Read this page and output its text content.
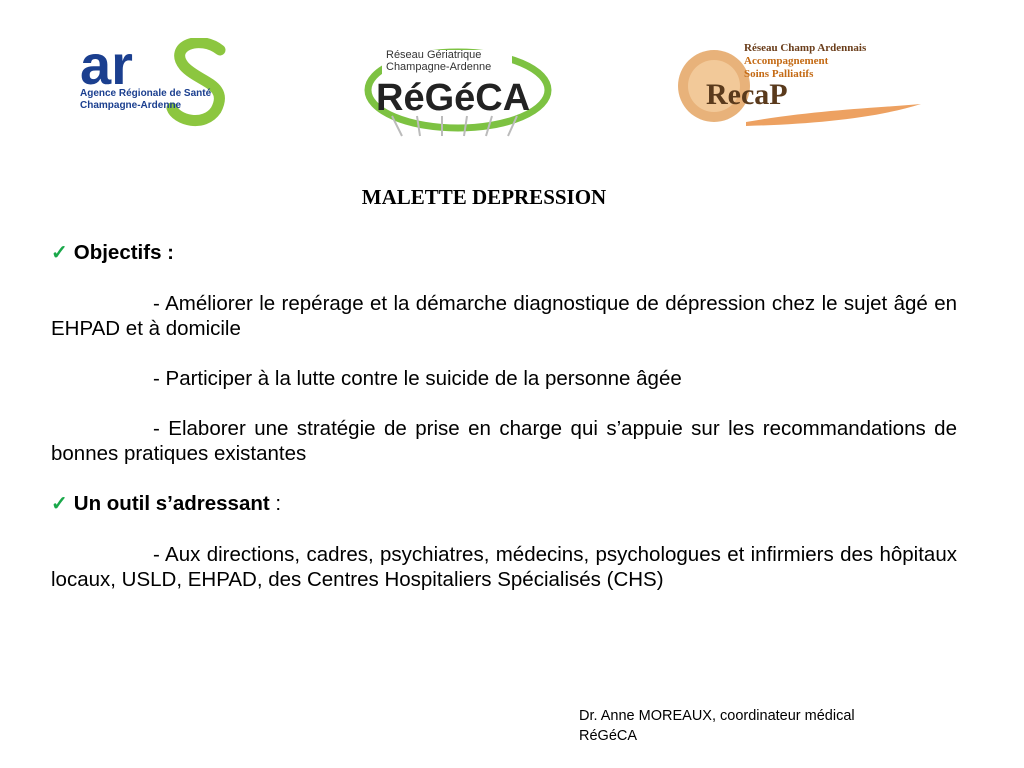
ar
Agence Régionale de Santé
Champagne-Ardenne
Réseau Gériatrique
Champagne-Ardenne
RéGéCA
Réseau Champ Ardennais
Accompagnement
Soins Palliatifs
RecaP
MALETTE DEPRESSION

✓ Objectifs :

- Améliorer le repérage et la démarche diagnostique de dépression chez le sujet âgé en EHPAD et à domicile

- Participer à la lutte contre le suicide de la personne âgée

- Elaborer une stratégie de prise en charge qui s’appuie sur les recommandations de bonnes pratiques existantes

✓ Un outil s’adressant :

- Aux directions, cadres, psychiatres, médecins, psychologues et infirmiers des hôpitaux locaux, USLD, EHPAD, des Centres Hospitaliers Spécialisés (CHS)

Dr. Anne MOREAUX, coordinateur médical
RéGéCA
